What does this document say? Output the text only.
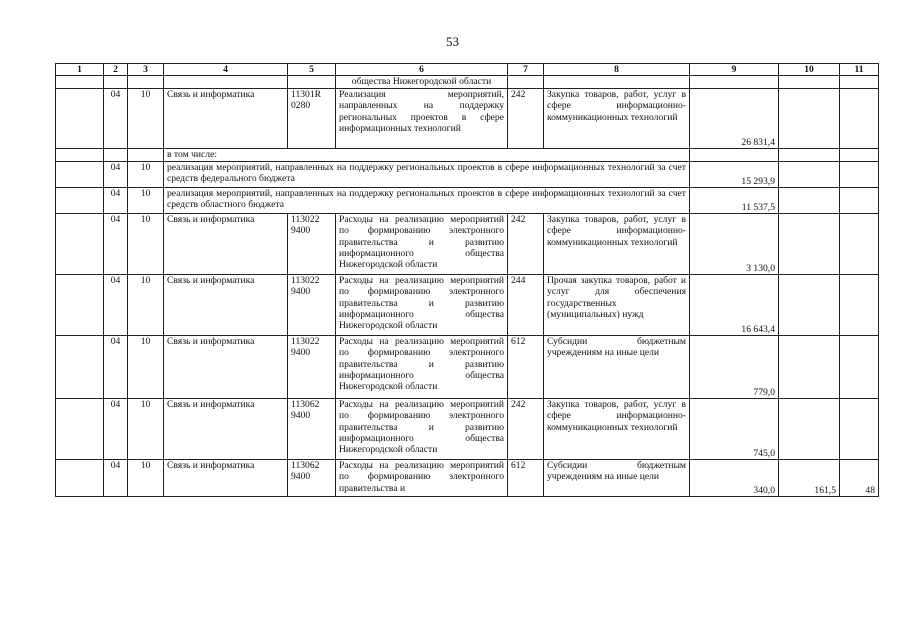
53
1	2	3	4	5	6	7	8	9	10	11
					общества Нижегородской области					
	04	10	Связь и информатика	11301R 0280	Реализация мероприятий, направленных на поддержку региональных проектов в сфере информационных технологий	242	Закупка товаров, работ, услуг в сфере информационно-коммуникационных технологий	26 831,4		
			в том числе:							
	04	10	реализация мероприятий, направленных на поддержку региональных проектов в сфере информационных технологий за счет средств федерального бюджета					15 293,9		
	04	10	реализация мероприятий, направленных на поддержку региональных проектов в сфере информационных технологий за счет средств областного бюджета					11 537,5		
	04	10	Связь и информатика	113022 9400	Расходы на реализацию мероприятий по формированию электронного правительства и развитию информационного общества Нижегородской области	242	Закупка товаров, работ, услуг в сфере информационно-коммуникационных технологий	3 130,0		
	04	10	Связь и информатика	113022 9400	Расходы на реализацию мероприятий по формированию электронного правительства и развитию информационного общества Нижегородской области	244	Прочая закупка товаров, работ и услуг для обеспечения государственных (муниципальных) нужд	16 643,4		
	04	10	Связь и информатика	113022 9400	Расходы на реализацию мероприятий по формированию электронного правительства и развитию информационного общества Нижегородской области	612	Субсидии бюджетным учреждениям на иные цели	779,0		
	04	10	Связь и информатика	113062 9400	Расходы на реализацию мероприятий по формированию электронного правительства и развитию информационного общества Нижегородской области	242	Закупка товаров, работ, услуг в сфере информационно-коммуникационных технологий	745,0		
	04	10	Связь и информатика	113062 9400	Расходы на реализацию мероприятий по формированию электронного правительства и	612	Субсидии бюджетным учреждениям на иные цели	340,0	161,5	48
